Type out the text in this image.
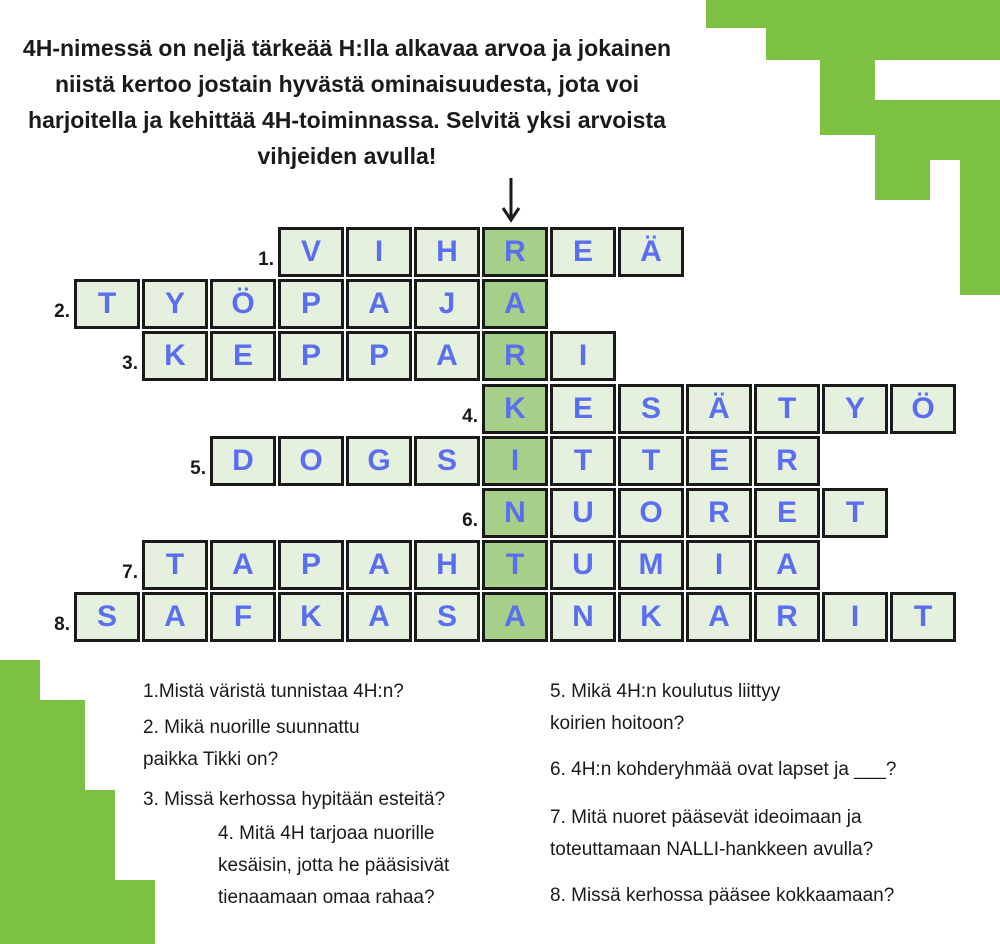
4H-nimessä on neljä tärkeää H:lla alkavaa arvoa ja jokainen niistä kertoo jostain hyvästä ominaisuudesta, jota voi harjoitella ja kehittää 4H-toiminnassa. Selvitä yksi arvoista vihjeiden avulla!

1. V	I	H	R	E	Ä
2. T	Y	Ö	P	A	J	A
3. K	E	P	P	A	R	I
4. K	E	S	Ä	T	Y	Ö
5. D	O	G	S	I	T	T	E	R
6. N	U	O	R	E	T
7. T	A	P	A	H	T	U	M	I	A
8. S	A	F	K	A	S	A	N	K	A	R	I	T
1.Mistä väristä tunnistaa 4H:n?
2. Mikä nuorille suunnattu
paikka Tikki on?
3. Missä kerhossa hypitään esteitä?
4. Mitä 4H tarjoaa nuorille
kesäisin, jotta he pääsisivät
tienaamaan omaa rahaa?
5. Mikä 4H:n koulutus liittyy
koirien hoitoon?
6. 4H:n kohderyhmää ovat lapset ja ___?
7. Mitä nuoret pääsevät ideoimaan ja
toteuttamaan NALLI-hankkeen avulla?
8. Missä kerhossa pääsee kokkaamaan?
